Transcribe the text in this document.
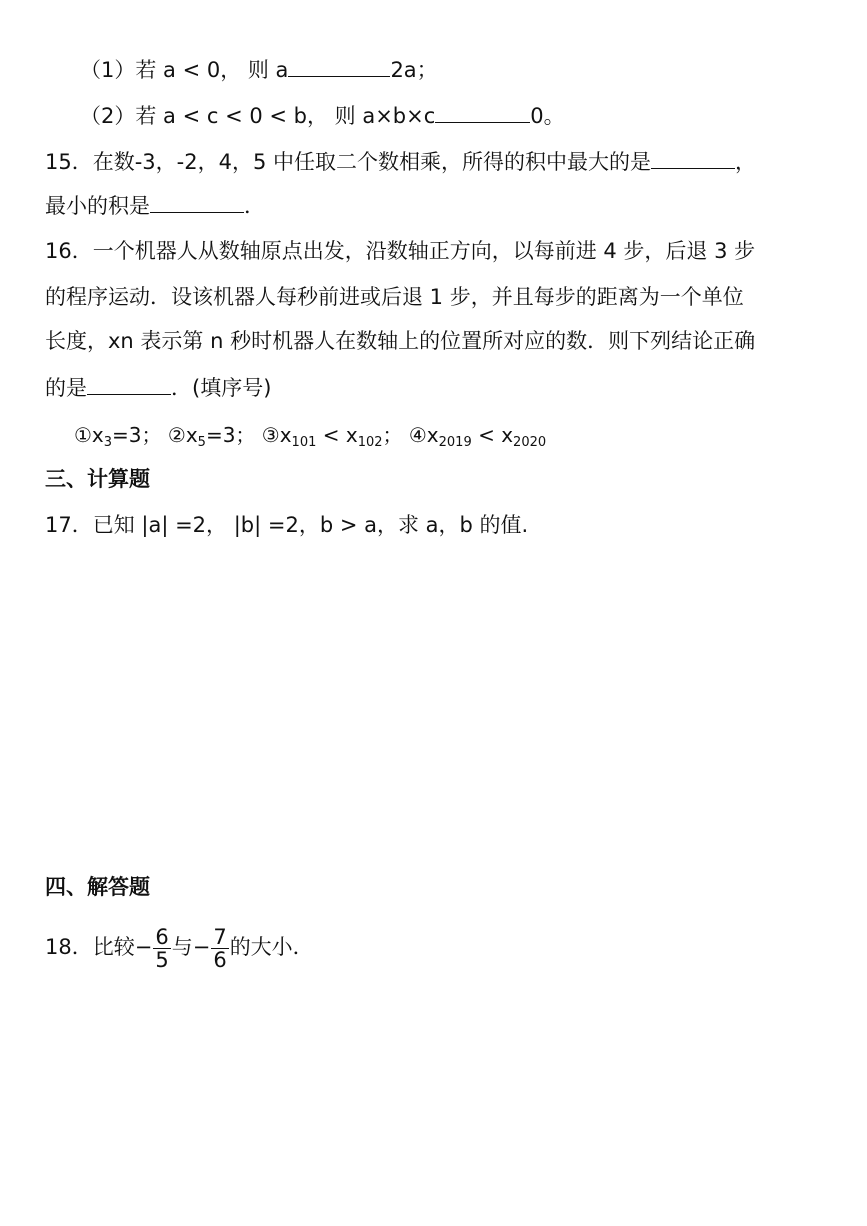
（1）若 a < 0， 则 a	2a；
（2）若 a < c < 0 < b， 则 a×b×c	0。
15．在数-3，-2，4，5 中任取二个数相乘，所得的积中最大的是	，
最小的积是	．
16．一个机器人从数轴原点出发，沿数轴正方向，以每前进 4 步，后退 3 步
的程序运动．设该机器人每秒前进或后退 1 步，并且每步的距离为一个单位
长度，xn 表示第 n 秒时机器人在数轴上的位置所对应的数．则下列结论正确
的是	．(填序号)
$①x_3=3$； $②x_5=3$； $③x_{101} < x_{102}$； $④x_{2019} < x_{2020}$
三、计算题
17．已知 |a| =2， |b| =2，b > a，求 a，b 的值.
四、解答题
18．比较− $\frac{6}{5}$ 与− $\frac{7}{6}$ 的大小．
